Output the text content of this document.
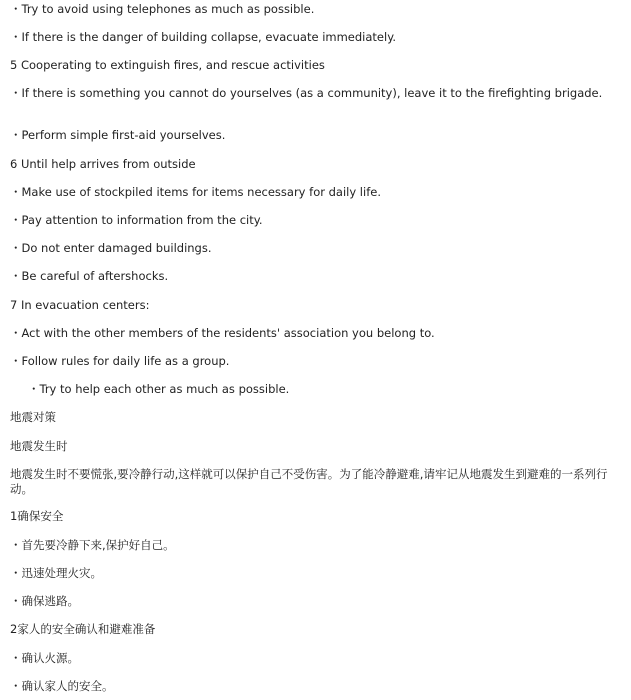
・Try to avoid using telephones as much as possible.
・If there is the danger of building collapse, evacuate immediately.
5 Cooperating to extinguish fires, and rescue activities
・If there is something you cannot do yourselves (as a community), leave it to the firefighting brigade.
・Perform simple first-aid yourselves.
6 Until help arrives from outside
・Make use of stockpiled items for items necessary for daily life.
・Pay attention to information from the city.
・Do not enter damaged buildings.
・Be careful of aftershocks.
7 In evacuation centers:
・Act with the other members of the residents' association you belong to.
・Follow rules for daily life as a group.
・Try to help each other as much as possible.
地震对策
地震发生时
地震发生时不要慌张,要冷静行动,这样就可以保护自己不受伤害。为了能冷静避难,请牢记从地震发生到避难的一系列行动。
1确保安全
・首先要冷静下来,保护好自己。
・迅速处理火灾。
・确保逃路。
2家人的安全确认和避难准备
・确认火源。
・确认家人的安全。
